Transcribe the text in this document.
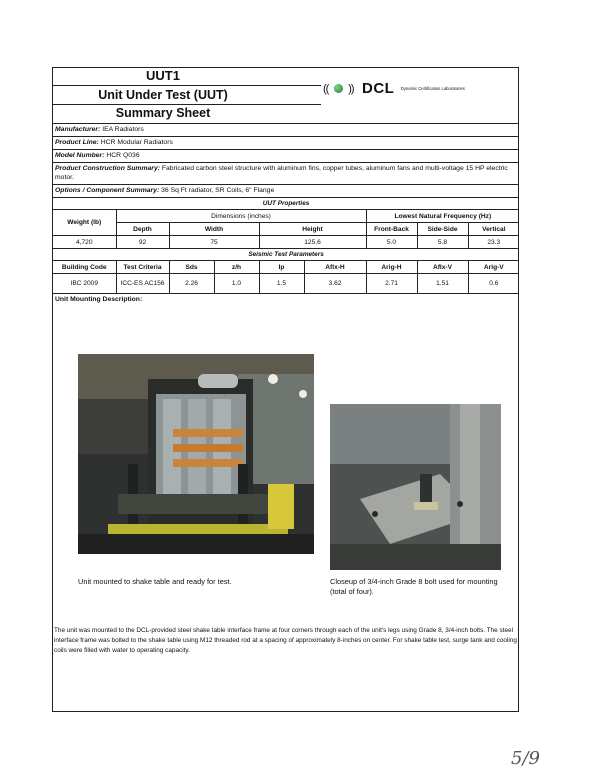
UUT1
Unit Under Test (UUT)
Summary Sheet
(( )) DCL Dynamic Certification Laboratories
Manufacturer: IEA Radiators
Product Line: HCR Modular Radiators
Model Number: HCR Q036
Product Construction Summary: Fabricated carbon steel structure with aluminum fins, copper tubes, aluminum fans and multi-voltage 15 HP electric motor.
Options / Component Summary: 36 Sq Ft radiator, SR Coils, 6" Flange
UUT Properties								
Weight (lb)	Dimensions (inches)					Lowest Natural Frequency (Hz)		
	Depth	Width		Height		Front-Back	Side-Side	Vertical
4,720	92	75		125.6		5.0	5.8	23.3
Seismic Test Parameters								
Building Code	Test Criteria	Sds	z/h	Ip	Aflx-H	Arig-H	Aflx-V	Arig-V
IBC 2009	ICC-ES AC156	2.26	1.0	1.5	3.62	2.71	1.51	0.6
Unit Mounting Description:
Unit mounted to shake table and ready for test.	Closeup of 3/4-inch Grade 8 bolt used for mounting (total of four).
The unit was mounted to the DCL-provided steel shake table interface frame at four corners through each of the unit's legs using Grade 8, 3/4-inch bolts. The steel interface frame was bolted to the shake table using M12 threaded rod at a spacing of approximately 8-inches on center. For shake table test, surge tank and cooling coils were filled with water to operating capacity.
5/9
